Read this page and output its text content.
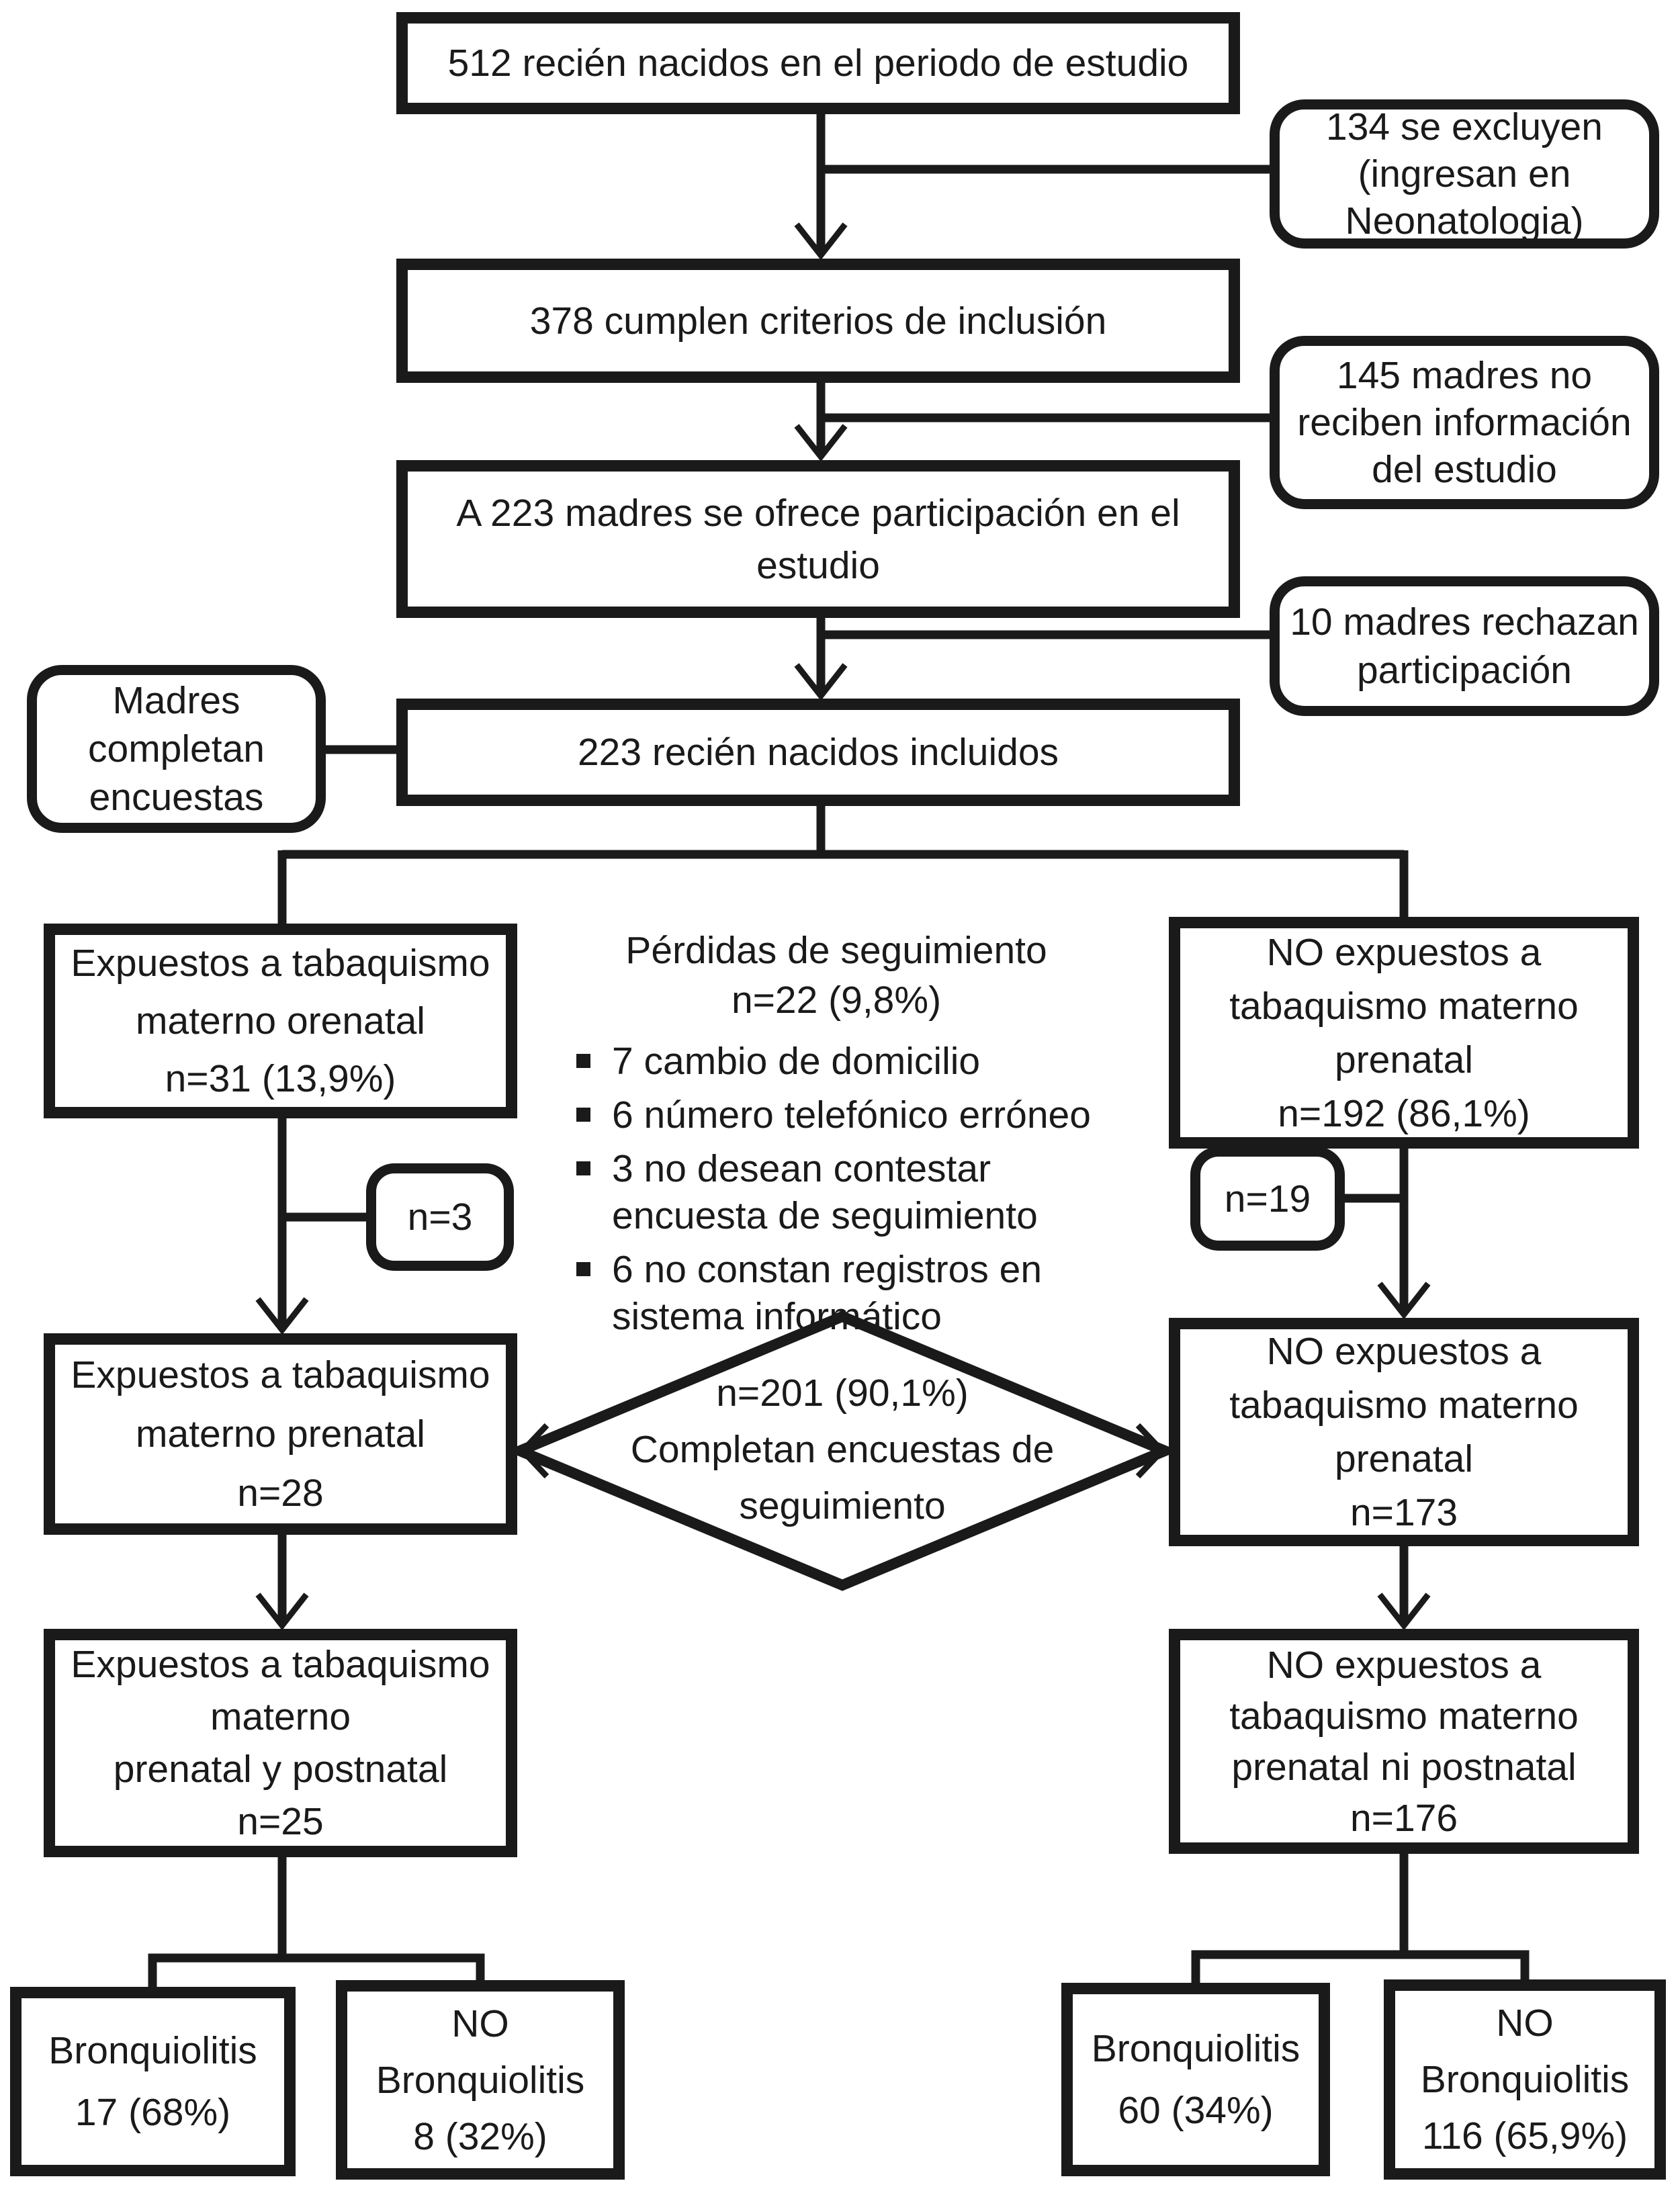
512 recién nacidos en el periodo de estudio
134 se excluyen
(ingresan en
Neonatologia)
378 cumplen criterios de inclusión
145 madres no
reciben información
del estudio
A 223 madres se ofrece participación en el
estudio
10 madres rechazan
participación
Madres
completan
encuestas
223 recién nacidos incluidos
Expuestos a tabaquismo
materno orenatal
n=31 (13,9%)
NO expuestos a
tabaquismo materno
prenatal
n=192 (86,1%)
Pérdidas de seguimiento
n=22 (9,8%)
7 cambio de domicilio
6 número telefónico erróneo
3 no desean contestar
encuesta de seguimiento
6 no constan registros en
sistema informático
n=3	n=19
Expuestos a tabaquismo
materno prenatal
n=28
n=201 (90,1%)
Completan encuestas de
seguimiento
NO expuestos a
tabaquismo materno
prenatal
n=173
Expuestos a tabaquismo
materno
prenatal y postnatal
n=25
NO expuestos a
tabaquismo materno
prenatal ni postnatal
n=176
Bronquiolitis
17 (68%)
NO
Bronquiolitis
8 (32%)
Bronquiolitis
60 (34%)
NO
Bronquiolitis
116 (65,9%)
